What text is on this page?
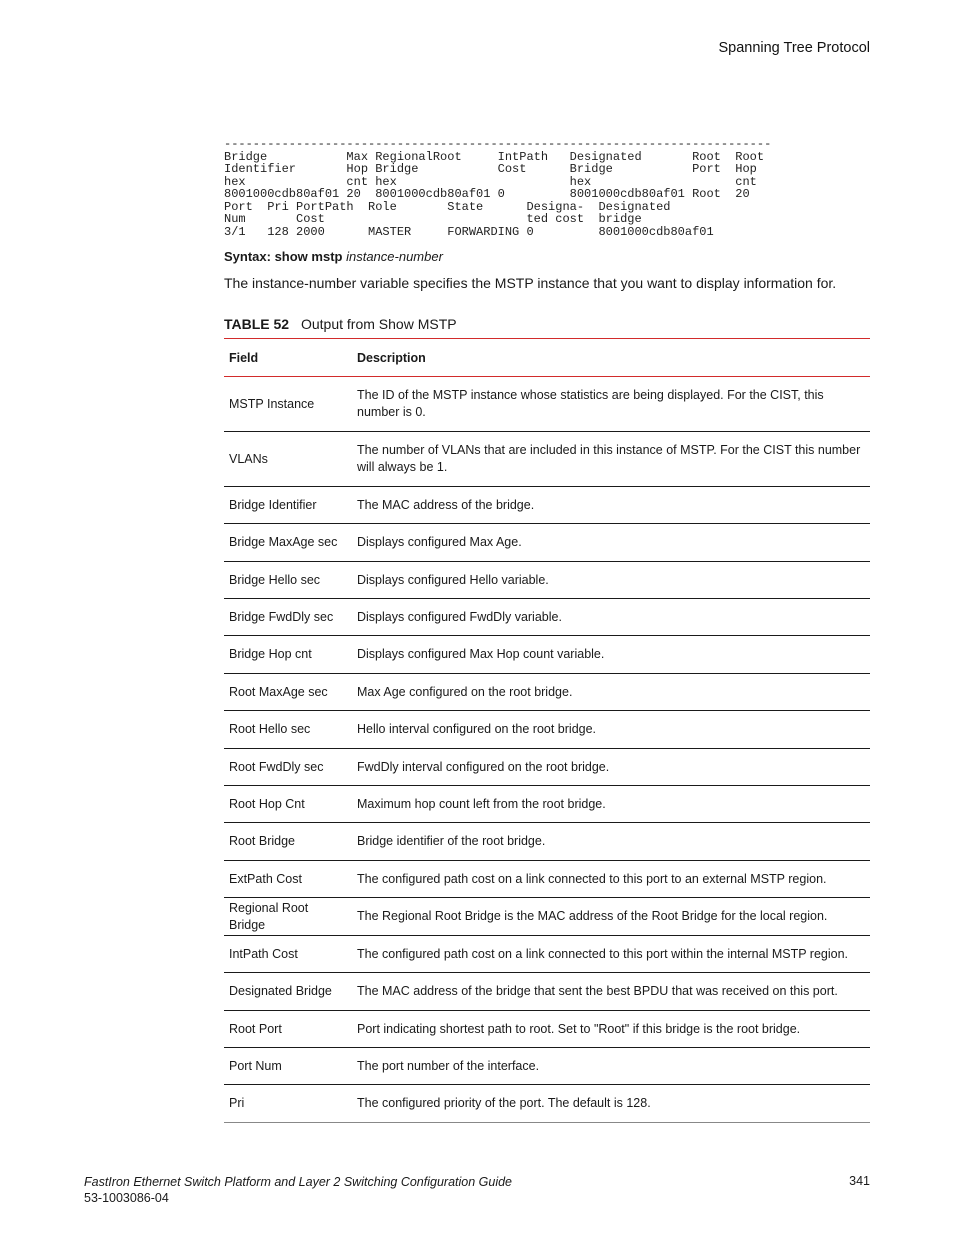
Spanning Tree Protocol
----------------------------------------------------------------------------
Bridge           Max RegionalRoot     IntPath   Designated       Root  Root
Identifier       Hop Bridge           Cost      Bridge           Port  Hop
hex              cnt hex                        hex                    cnt
8001000cdb80af01 20  8001000cdb80af01 0         8001000cdb80af01 Root  20
Port  Pri PortPath  Role       State      Designa-  Designated
Num       Cost                            ted cost  bridge
3/1   128 2000      MASTER     FORWARDING 0         8001000cdb80af01
Syntax: show mstp instance-number
The instance-number variable specifies the MSTP instance that you want to display information for.
TABLE 52 Output from Show MSTP
Field	Description
MSTP Instance	The ID of the MSTP instance whose statistics are being displayed. For the CIST, this number is 0.
VLANs	The number of VLANs that are included in this instance of MSTP. For the CIST this number will always be 1.
Bridge Identifier	The MAC address of the bridge.
Bridge MaxAge sec	Displays configured Max Age.
Bridge Hello sec	Displays configured Hello variable.
Bridge FwdDly sec	Displays configured FwdDly variable.
Bridge Hop cnt	Displays configured Max Hop count variable.
Root MaxAge sec	Max Age configured on the root bridge.
Root Hello sec	Hello interval configured on the root bridge.
Root FwdDly sec	FwdDly interval configured on the root bridge.
Root Hop Cnt	Maximum hop count left from the root bridge.
Root Bridge	Bridge identifier of the root bridge.
ExtPath Cost	The configured path cost on a link connected to this port to an external MSTP region.
Regional Root Bridge	The Regional Root Bridge is the MAC address of the Root Bridge for the local region.
IntPath Cost	The configured path cost on a link connected to this port within the internal MSTP region.
Designated Bridge	The MAC address of the bridge that sent the best BPDU that was received on this port.
Root Port	Port indicating shortest path to root. Set to "Root" if this bridge is the root bridge.
Port Num	The port number of the interface.
Pri	The configured priority of the port. The default is 128.
FastIron Ethernet Switch Platform and Layer 2 Switching Configuration Guide
53-1003086-04
341
